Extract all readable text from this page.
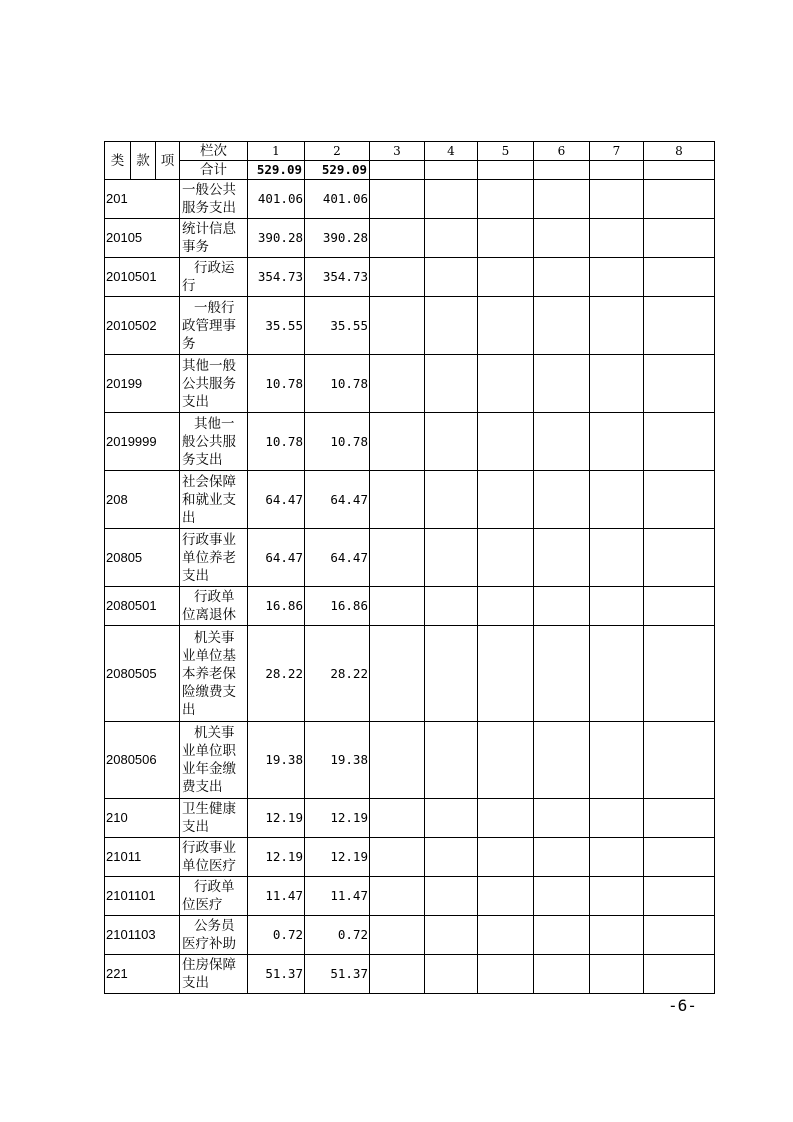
类	款	项	栏次	1	2	3	4	5	6	7	8
			合计	529.09	529.09						
201			一般公共服务支出	401.06	401.06						
20105			统计信息事务	390.28	390.28						
2010501			行政运行	354.73	354.73						
2010502			一般行政管理事务	35.55	35.55						
20199			其他一般公共服务支出	10.78	10.78						
2019999			其他一般公共服务支出	10.78	10.78						
208			社会保障和就业支出	64.47	64.47						
20805			行政事业单位养老支出	64.47	64.47						
2080501			行政单位离退休	16.86	16.86						
2080505			机关事业单位基本养老保险缴费支出	28.22	28.22						
2080506			机关事业单位职业年金缴费支出	19.38	19.38						
210			卫生健康支出	12.19	12.19						
21011			行政事业单位医疗	12.19	12.19						
2101101			行政单位医疗	11.47	11.47						
2101103			公务员医疗补助	0.72	0.72						
221			住房保障支出	51.37	51.37						
-6-
